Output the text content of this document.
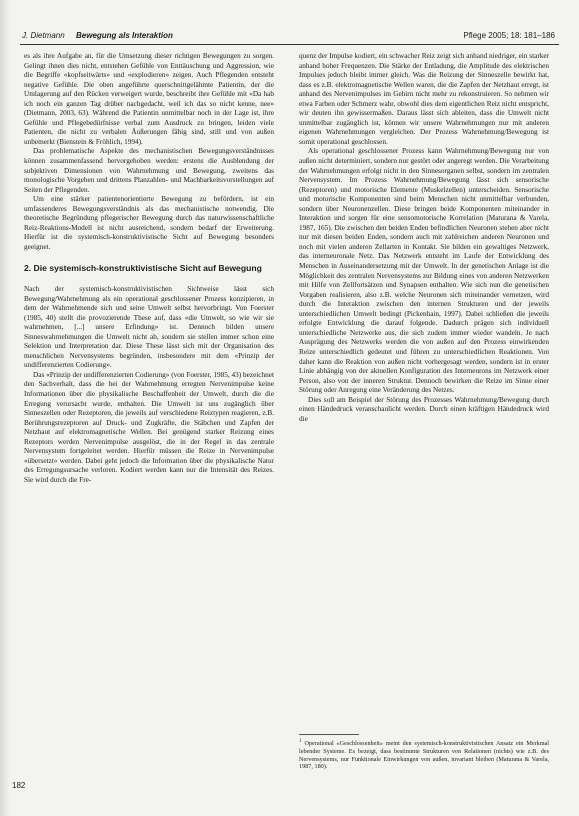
J. Dietmann Bewegung als Interaktion	Pflege 2005; 18: 181–186

es als ihre Aufgabe an, für die Umsetzung dieser richtigen Bewegungen zu sorgen. Gelingt ihnen dies nicht, entstehen Gefühle von Enttäuschung und Aggression, wie die Begriffe «kopfseitwärts» und «explodieren» zeigen. Auch Pflegenden entsteht negative Gefühle. Die oben angeführte querschnittgelähmte Patientin, der die Umlagerung auf den Rücken verweigert wurde, beschreibt ihre Gefühle mit «Da hab ich noch ein ganzen Tag drüber nachgedacht, weil ich das so nicht kenne, nee» (Dietmann, 2003, 63). Während die Patientin unmittelbar noch in der Lage ist, ihre Gefühle und Pflegebedürfnisse verbal zum Ausdruck zu bringen, leiden viele Patienten, die nicht zu verbalen Äußerungen fähig sind, still und von außen unbemerkt (Bienstein & Fröhlich, 1994).

Das problematische Aspekte des mechanistischen Bewegungsverständnisses können zusammenfassend hervorgehoben werden: erstens die Ausblendung der subjektiven Dimensionen von Wahrnehmung und Bewegung, zweitens das monologische Vorgehen und drittens Planzahlen- und Machbarkeitsvorstellungen auf Seiten der Pflegenden.

Um eine stärker patientenorientierte Bewegung zu befördern, ist ein umfassenderes Bewegungsverständnis als das mechanistische notwendig. Die theoretische Begründung pflegerischer Bewegung durch das naturwissenschaftliche Reiz-Reaktions-Modell ist nicht ausreichend, sondern bedarf der Erweiterung. Hierfür ist die systemisch-konstruktivistische Sicht auf Bewegung besonders geeignet.

2. Die systemisch-konstruktivistische Sicht auf Bewegung

Nach der systemisch-konstruktivistischen Sichtweise lässt sich Bewegung/Wahrnehmung als ein operational geschlossener Prozess konzipieren, in dem der Wahrnehmende sich und seine Umwelt selbst hervorbringt. Von Foerster (1985, 40) stellt die provozierende These auf, dass «die Umwelt, so wie wir sie wahrnehmen, [...] unsere Erfindung» ist. Dennoch bilden unsere Sinneswahrnehmungen die Umwelt nicht ab, sondern sie stellen immer schon eine Selektion und Interpretation dar. Diese These lässt sich mit der Organisation des menschlichen Nervensystems begründen, insbesondere mit dem «Prinzip der undifferenzierten Codierung».

Das «Prinzip der undifferenzierten Codierung» (von Foerster, 1985, 43) bezeichnet den Sachverhalt, dass die bei der Wahrnehmung erregten Nervenimpulse keine Informationen über die physikalische Beschaffenheit der Umwelt, durch die die Erregung verursacht wurde, enthalten. Die Umwelt ist uns zugänglich über Sinneszellen oder Rezeptoren, die jeweils auf verschiedene Reiztypen reagieren, z.B. Berührungsrezeptoren auf Druck- und Zugkräfte, die Stäbchen und Zapfen der Netzhaut auf elektromagnetische Wellen. Bei genügend starker Reizung eines Rezeptors werden Nervenimpulse ausgelöst, die in der Regel in das zentrale Nervensystem fortgeleitet werden. Hierfür müssen die Reize in Nervenimpulse «übersetzt» werden. Dabei geht jedoch die Information über die physikalische Natur des Erregungsursache verloren. Kodiert werden kann nur die Intensität des Reizes. Sie wird durch die Fre-

quenz der Impulse kodiert, ein schwacher Reiz zeigt sich anhand niedriger, ein starker anhand hoher Frequenzen. Die Stärke der Entladung, die Amplitude des elektrischen Impulses jedoch bleibt immer gleich. Was die Reizung der Sinneszelle bewirkt hat, dass es z.B. elektromagnetische Wellen waren, die die Zapfen der Netzhaut erregt, ist anhand des Nervenimpulses im Gehirn nicht mehr zu rekonstruieren. So nehmen wir etwa Farben oder Schmerz wahr, obwohl dies dem eigentlichen Reiz nicht entspricht, wir deuten ihn gewissermaßen. Daraus lässt sich ableiten, dass die Umwelt nicht unmittelbar zugänglich ist, können wir unsere Wahrnehmungen nur mit anderen eigenen Wahrnehmungen vergleichen. Der Prozess Wahrnehmung/Bewegung ist somit operational geschlossen.

Als operational geschlossener Prozess kann Wahrnehmung/Bewegung nur von außen nicht determiniert, sondern nur gestört oder angeregt werden. Die Verarbeitung der Wahrnehmungen erfolgt nicht in den Sinnesorganen selbst, sondern im zentralen Nervensystem. Im Prozess Wahrnehmung/Bewegung lässt sich sensorische (Rezeptoren) und motorische Elemente (Muskelzellen) unterscheiden. Sensorische und motorische Komponenten sind beim Menschen nicht unmittelbar verbunden, sondern über Neuronenzellen. Diese bringen beide Komponenten miteinander in Interaktion und sorgen für eine sensomotorische Korrelation (Maturana & Varela, 1987, 165). Die zwischen den beiden Enden befindlichen Neuronen stehen aber nicht nur mit diesen beiden Enden, sondern auch mit zahlreichen anderen Neuronen und noch mit vielen anderen Zellarten in Kontakt. Sie bilden ein gewaltiges Netzwerk, das interneuronale Netz. Das Netzwerk entsteht im Laufe der Entwicklung des Menschen in Auseinandersetzung mit der Umwelt. In der genetischen Anlage ist die Möglichkeit des zentralen Nervensystems zur Bildung eines von anderen Netzwerken mit Hilfe von Zellfortsätzen und Synapsen enthalten. Wie sich nun die genetischen Vorgaben realisieren, also z.B. welche Neuronen sich miteinander vernetzen, wird durch die Interaktion zwischen den internen Strukturen und der jeweils unterschiedlichen Umwelt bedingt (Pickenhain, 1997). Dabei schließen die jeweils erfolgte Entwicklung die darauf folgende. Dadurch prägen sich individuell unterschiedliche Netzwerke aus, die sich zudem immer wieder wandeln. Je nach Ausprägung des Netzwerks werden die von außen auf den Prozess einwirkenden Reize unterschiedlich gedeutet und führen zu unterschiedlichen Reaktionen. Von daher kann die Reaktion von außen nicht vorhergesagt werden, sondern ist in erster Linie abhängig von der aktuellen Konfiguration des Interneurons im Netzwerk einer Person, also von der inneren Struktur. Dennoch bewirken die Reize im Sinne einer Störung oder Anregung eine Veränderung des Netzes.

Dies soll am Beispiel der Störung des Prozesses Wahrnehmung/Bewegung durch einen Händedruck veranschaulicht werden. Durch einen kräftigen Händedruck wird die

$^1$ Operational «Geschlossenheit» meint den systemisch-konstruktivistischen Ansatz ein Merkmal lebender Systeme. Es bezeigt, dass bestimmte Strukturen von Relationen (nichts) wie z.B. des Nervensystems, nur Funktionale Einwirkungen von außen, invariant bleiben (Maturana & Varela, 1987, 180).
182
